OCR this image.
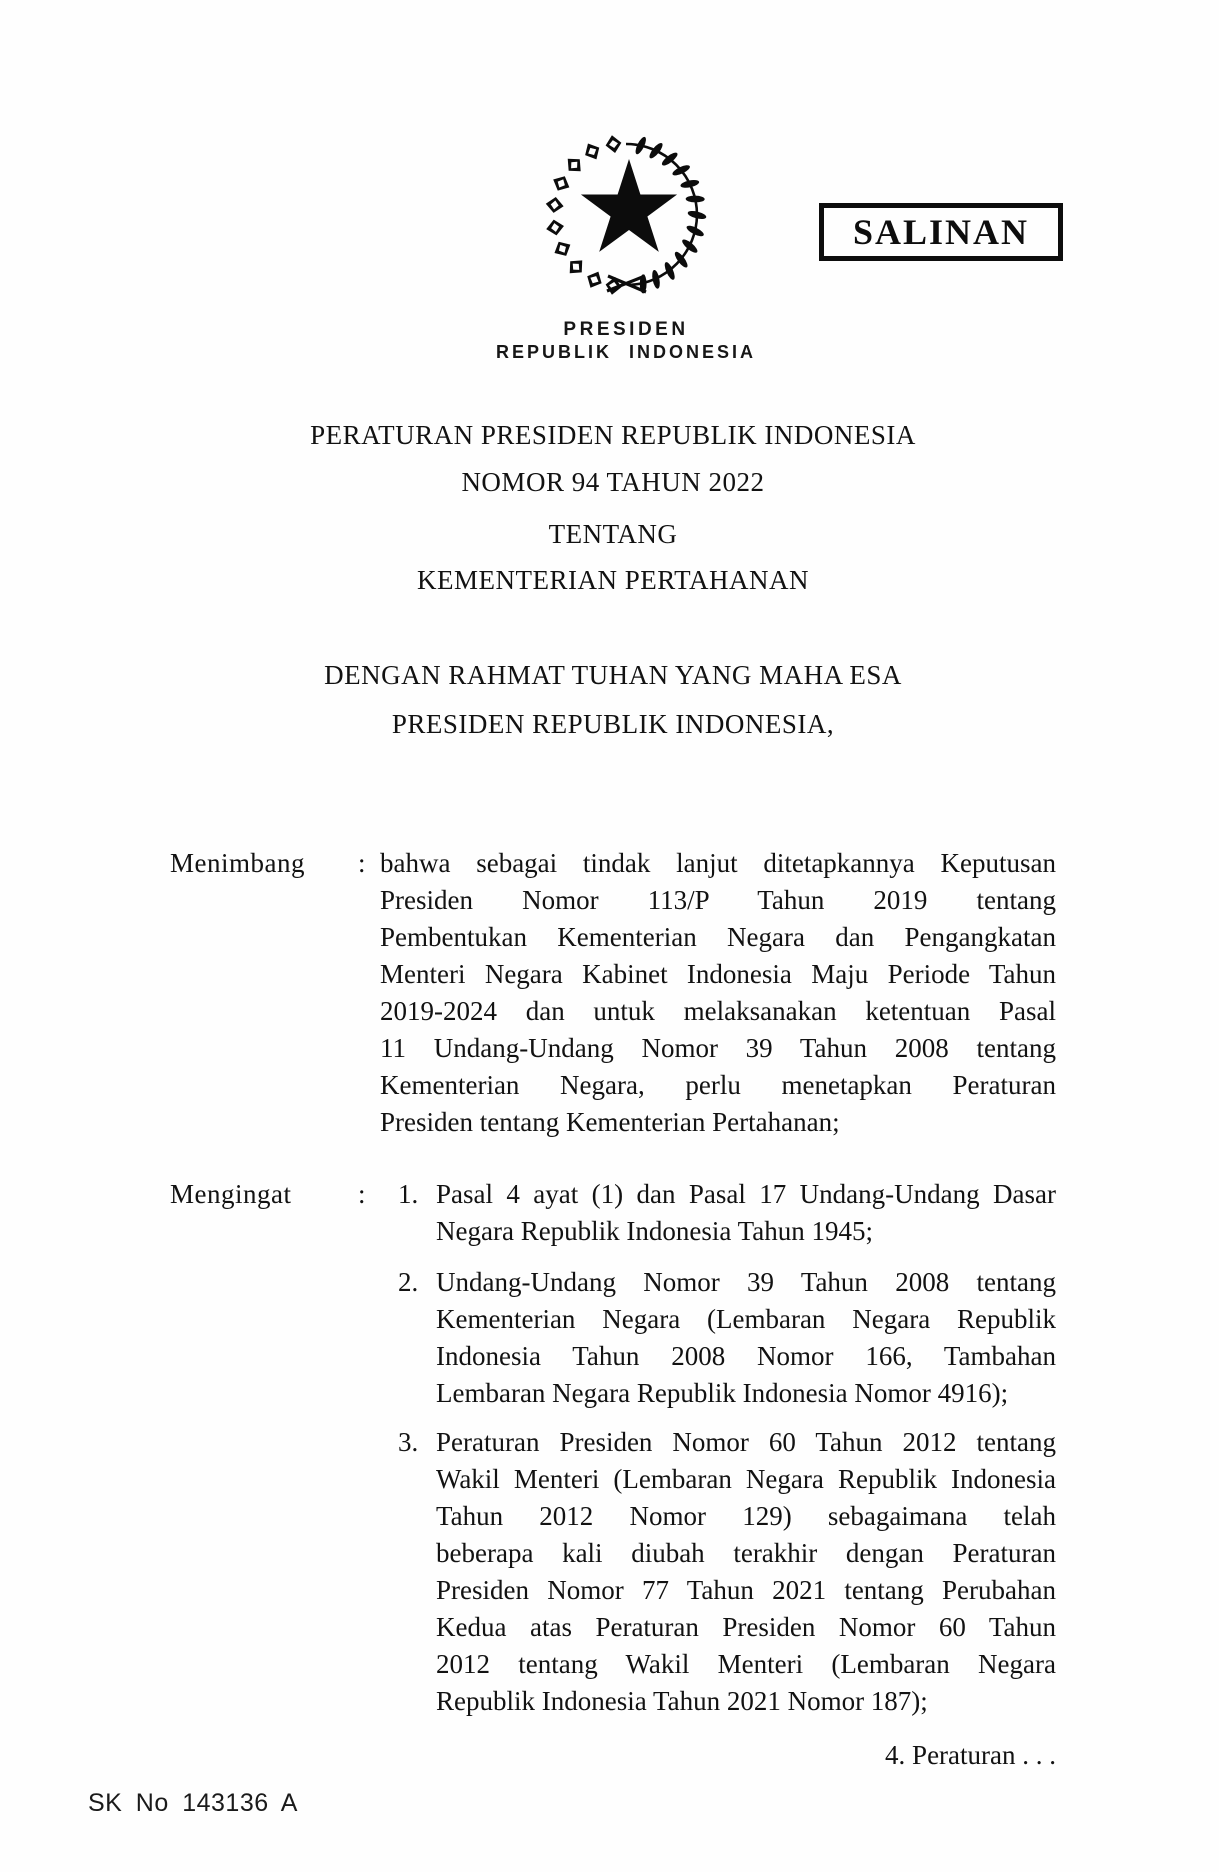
PRESIDEN
REPUBLIK INDONESIA
SALINAN
PERATURAN PRESIDEN REPUBLIK INDONESIA
NOMOR 94 TAHUN 2022
TENTANG
KEMENTERIAN PERTAHANAN
DENGAN RAHMAT TUHAN YANG MAHA ESA
PRESIDEN REPUBLIK INDONESIA,
Menimbang : bahwa sebagai tindak lanjut ditetapkannya Keputusan
Presiden Nomor 113/P Tahun 2019 tentang
Pembentukan Kementerian Negara dan Pengangkatan
Menteri Negara Kabinet Indonesia Maju Periode Tahun
2019-2024 dan untuk melaksanakan ketentuan Pasal
11 Undang-Undang Nomor 39 Tahun 2008 tentang
Kementerian Negara, perlu menetapkan Peraturan
Presiden tentang Kementerian Pertahanan;
Mengingat : 1. Pasal 4 ayat (1) dan Pasal 17 Undang-Undang Dasar
Negara Republik Indonesia Tahun 1945;
2. Undang-Undang Nomor 39 Tahun 2008 tentang
Kementerian Negara (Lembaran Negara Republik
Indonesia Tahun 2008 Nomor 166, Tambahan
Lembaran Negara Republik Indonesia Nomor 4916);
3. Peraturan Presiden Nomor 60 Tahun 2012 tentang
Wakil Menteri (Lembaran Negara Republik Indonesia
Tahun 2012 Nomor 129) sebagaimana telah
beberapa kali diubah terakhir dengan Peraturan
Presiden Nomor 77 Tahun 2021 tentang Perubahan
Kedua atas Peraturan Presiden Nomor 60 Tahun
2012 tentang Wakil Menteri (Lembaran Negara
Republik Indonesia Tahun 2021 Nomor 187);
4. Peraturan . . .
SK No 143136 A
